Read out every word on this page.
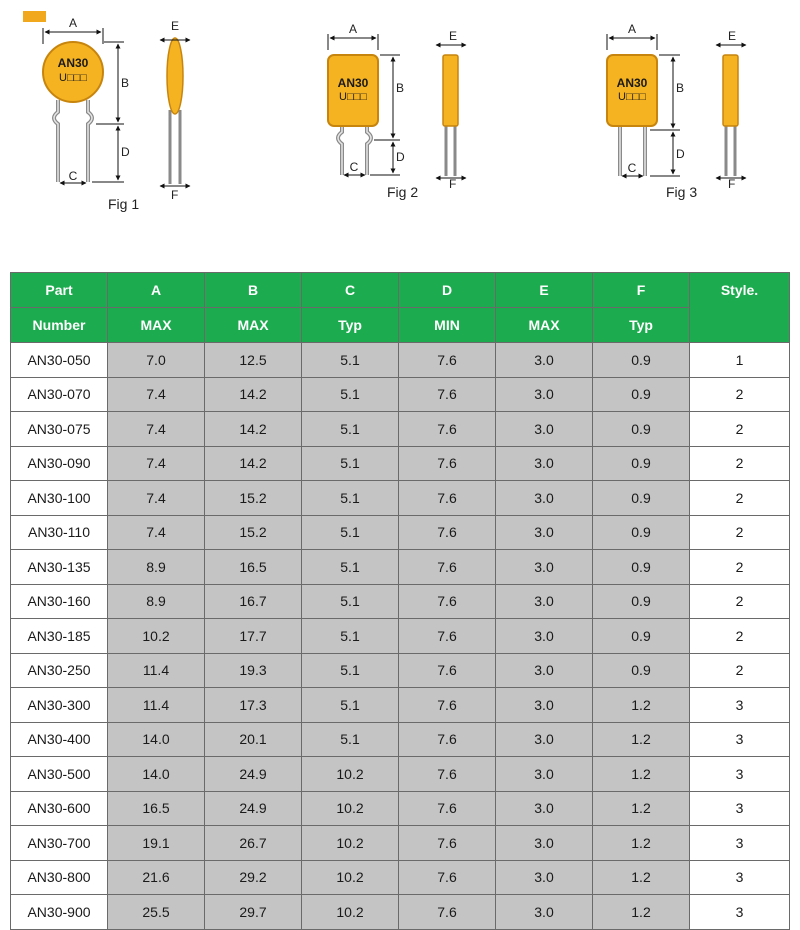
AN30
U□□□
A
B
D
C
E
F
Fig 1
AN30
U□□□
A
B
D
C
E
F
Fig 2
AN30
U□□□
A
B
D
C
E
F
Fig 3
Part	A	B	C	D	E	F	Style.
Number	MAX	MAX	Typ	MIN	MAX	Typ	
AN30-050	7.0	12.5	5.1	7.6	3.0	0.9	1
AN30-070	7.4	14.2	5.1	7.6	3.0	0.9	2
AN30-075	7.4	14.2	5.1	7.6	3.0	0.9	2
AN30-090	7.4	14.2	5.1	7.6	3.0	0.9	2
AN30-100	7.4	15.2	5.1	7.6	3.0	0.9	2
AN30-110	7.4	15.2	5.1	7.6	3.0	0.9	2
AN30-135	8.9	16.5	5.1	7.6	3.0	0.9	2
AN30-160	8.9	16.7	5.1	7.6	3.0	0.9	2
AN30-185	10.2	17.7	5.1	7.6	3.0	0.9	2
AN30-250	11.4	19.3	5.1	7.6	3.0	0.9	2
AN30-300	11.4	17.3	5.1	7.6	3.0	1.2	3
AN30-400	14.0	20.1	5.1	7.6	3.0	1.2	3
AN30-500	14.0	24.9	10.2	7.6	3.0	1.2	3
AN30-600	16.5	24.9	10.2	7.6	3.0	1.2	3
AN30-700	19.1	26.7	10.2	7.6	3.0	1.2	3
AN30-800	21.6	29.2	10.2	7.6	3.0	1.2	3
AN30-900	25.5	29.7	10.2	7.6	3.0	1.2	3
